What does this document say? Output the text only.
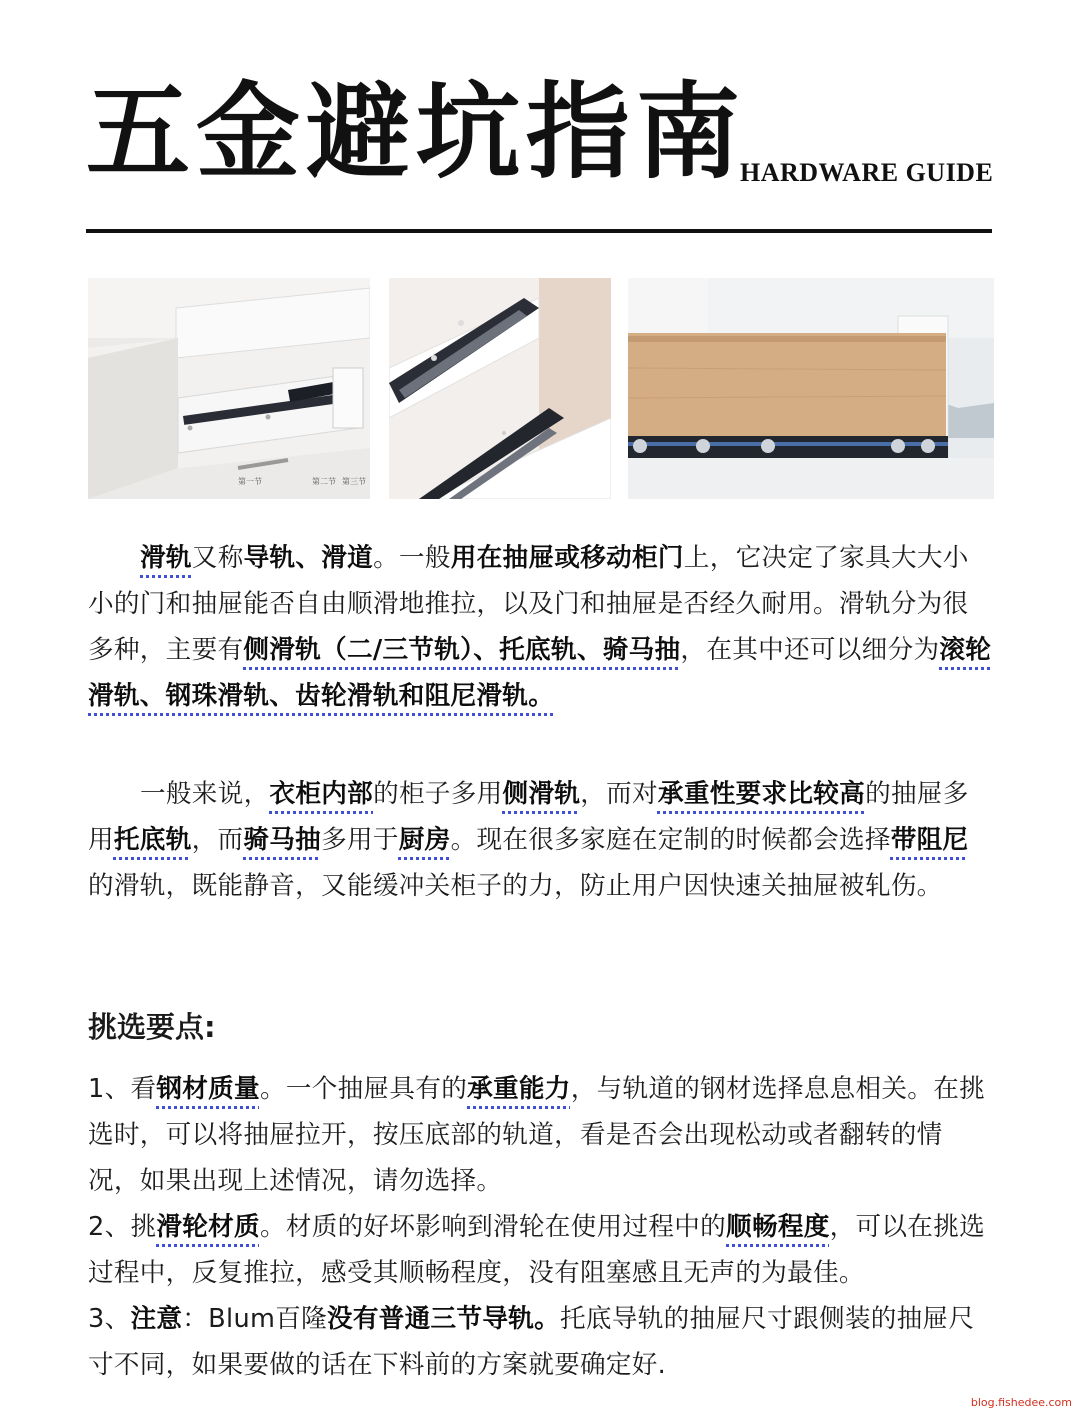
五金避坑指南
HARDWARE GUIDE
第一节	第二节 第三节

滑轨又称导轨、滑道。一般用在抽屉或移动柜门上，它决定了家具大大小小的门和抽屉能否自由顺滑地推拉，以及门和抽屉是否经久耐用。滑轨分为很多种，主要有侧滑轨（二/三节轨）、托底轨、骑马抽，在其中还可以细分为滚轮滑轨、钢珠滑轨、齿轮滑轨和阻尼滑轨。

一般来说，衣柜内部的柜子多用侧滑轨，而对承重性要求比较高的抽屉多用托底轨，而骑马抽多用于厨房。现在很多家庭在定制的时候都会选择带阻尼的滑轨，既能静音，又能缓冲关柜子的力，防止用户因快速关抽屉被轧伤。

挑选要点:

1、看钢材质量。一个抽屉具有的承重能力，与轨道的钢材选择息息相关。在挑选时，可以将抽屉拉开，按压底部的轨道，看是否会出现松动或者翻转的情况，如果出现上述情况，请勿选择。

2、挑滑轮材质。材质的好坏影响到滑轮在使用过程中的顺畅程度，可以在挑选过程中，反复推拉，感受其顺畅程度，没有阻塞感且无声的为最佳。

3、注意：Blum百隆没有普通三节导轨。托底导轨的抽屉尺寸跟侧装的抽屉尺寸不同，如果要做的话在下料前的方案就要确定好.

blog.fishedee.com
